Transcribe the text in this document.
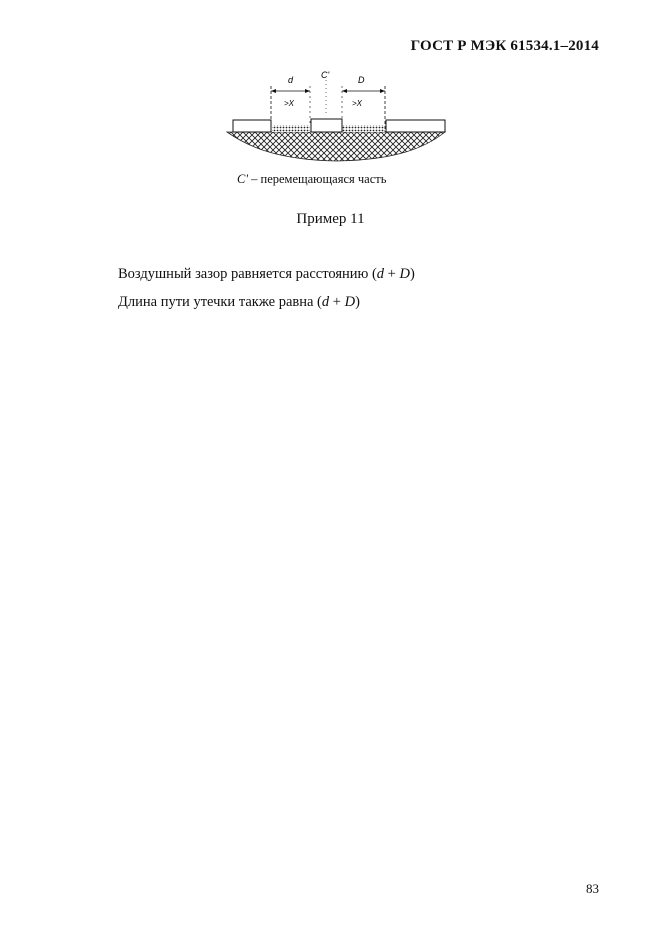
ГОСТ Р МЭК 61534.1–2014
d	C'	D
>X	>X
C' – перемещающаяся часть
Пример 11
Воздушный зазор равняется расстоянию (d + D)
Длина пути утечки также равна (d + D)
83
